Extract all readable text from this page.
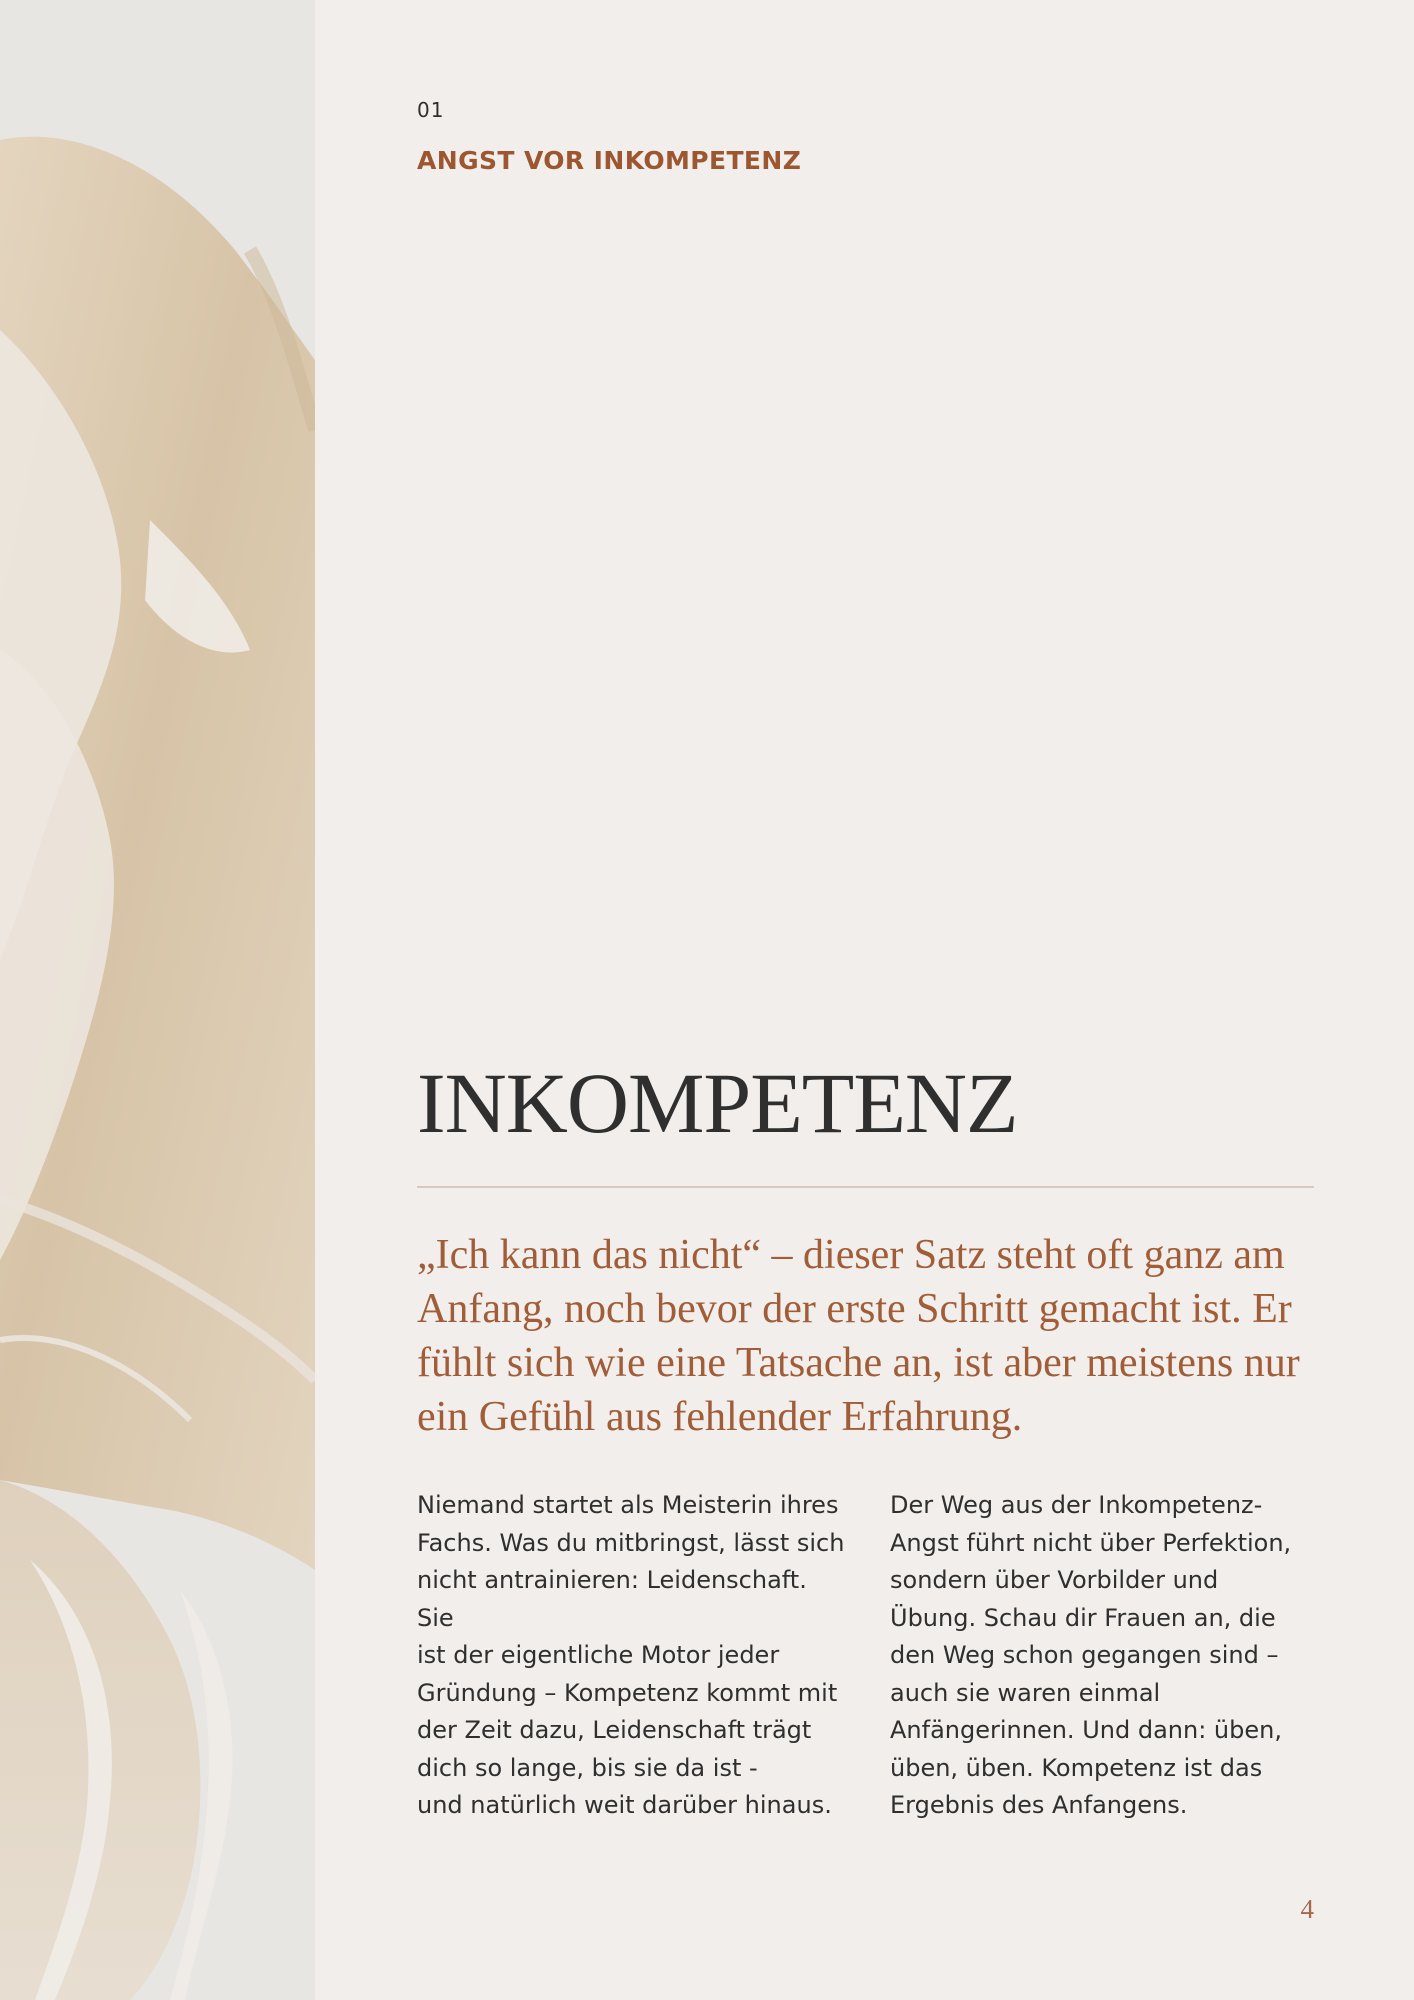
01
ANGST VOR INKOMPETENZ
INKOMPETENZ

„Ich kann das nicht“ – dieser Satz steht oft ganz am Anfang, noch bevor der erste Schritt gemacht ist. Er fühlt sich wie eine Tatsache an, ist aber meistens nur ein Gefühl aus fehlender Erfahrung.

Niemand startet als Meisterin ihres
Fachs. Was du mitbringst, lässt sich
nicht antrainieren: Leidenschaft. Sie
ist der eigentliche Motor jeder
Gründung – Kompetenz kommt mit
der Zeit dazu, Leidenschaft trägt
dich so lange, bis sie da ist -
und natürlich weit darüber hinaus.

Der Weg aus der Inkompetenz-
Angst führt nicht über Perfektion,
sondern über Vorbilder und
Übung. Schau dir Frauen an, die
den Weg schon gegangen sind –
auch sie waren einmal
Anfängerinnen. Und dann: üben,
üben, üben. Kompetenz ist das
Ergebnis des Anfangens.

4
